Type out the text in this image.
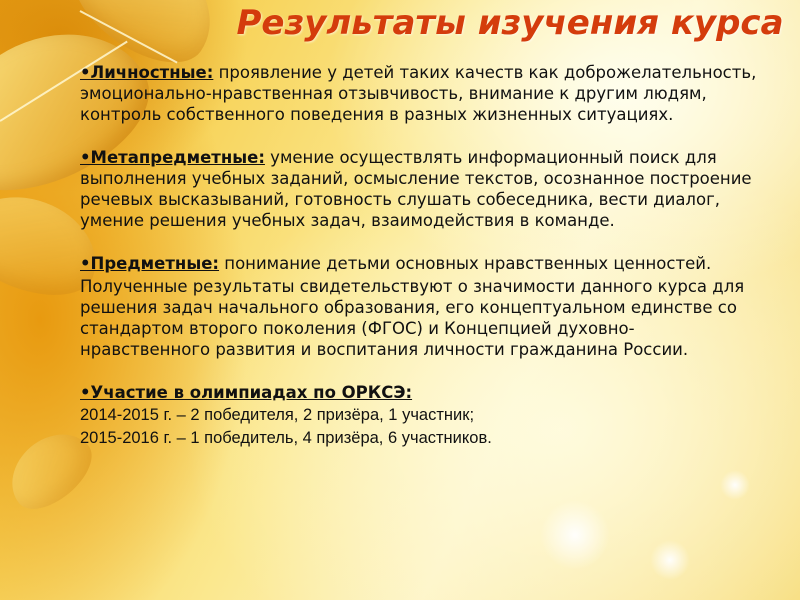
Результаты изучения курса

•Личностные: проявление у детей таких качеств как доброжелательность, эмоционально-нравственная отзывчивость, внимание к другим людям, контроль собственного поведения в разных жизненных ситуациях.

•Метапредметные: умение осуществлять информационный поиск для выполнения учебных заданий, осмысление текстов, осознанное построение речевых высказываний, готовность слушать собеседника, вести диалог, умение решения учебных задач, взаимодействия в команде.

•Предметные: понимание детьми основных нравственных ценностей.

Полученные результаты свидетельствуют о значимости данного курса для решения задач начального образования, его концептуальном единстве со стандартом второго поколения (ФГОС) и Концепцией духовно-нравственного развития и воспитания личности гражданина России.

•Участие в олимпиадах по ОРКСЭ:

2014-2015 г. – 2 победителя, 2 призёра, 1 участник;

2015-2016 г. – 1 победитель, 4 призёра, 6 участников.
